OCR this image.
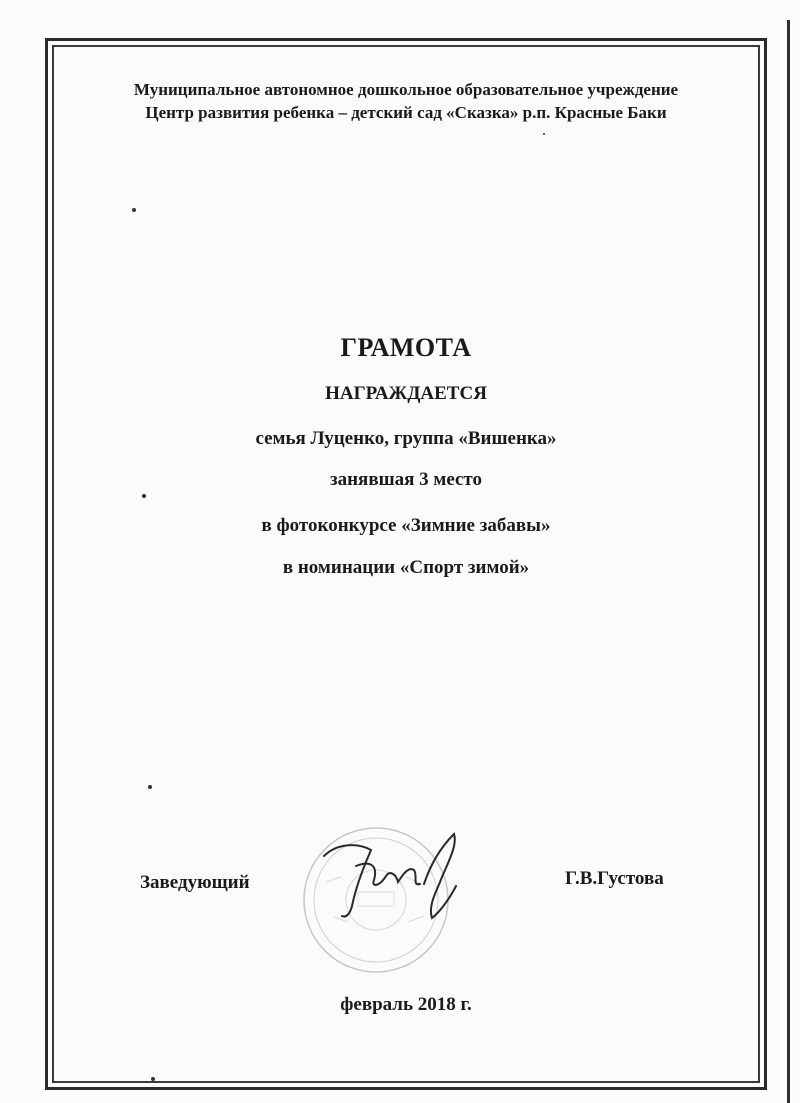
Муниципальное автономное дошкольное образовательное учреждение
Центр развития ребенка – детский сад «Сказка» р.п. Красные Баки
ГРАМОТА
НАГРАЖДАЕТСЯ
семья Луценко, группа «Вишенка»
занявшая 3 место
в фотоконкурсе «Зимние забавы»
в номинации «Спорт зимой»
Заведующий	Г.В.Густова
февраль 2018 г.
